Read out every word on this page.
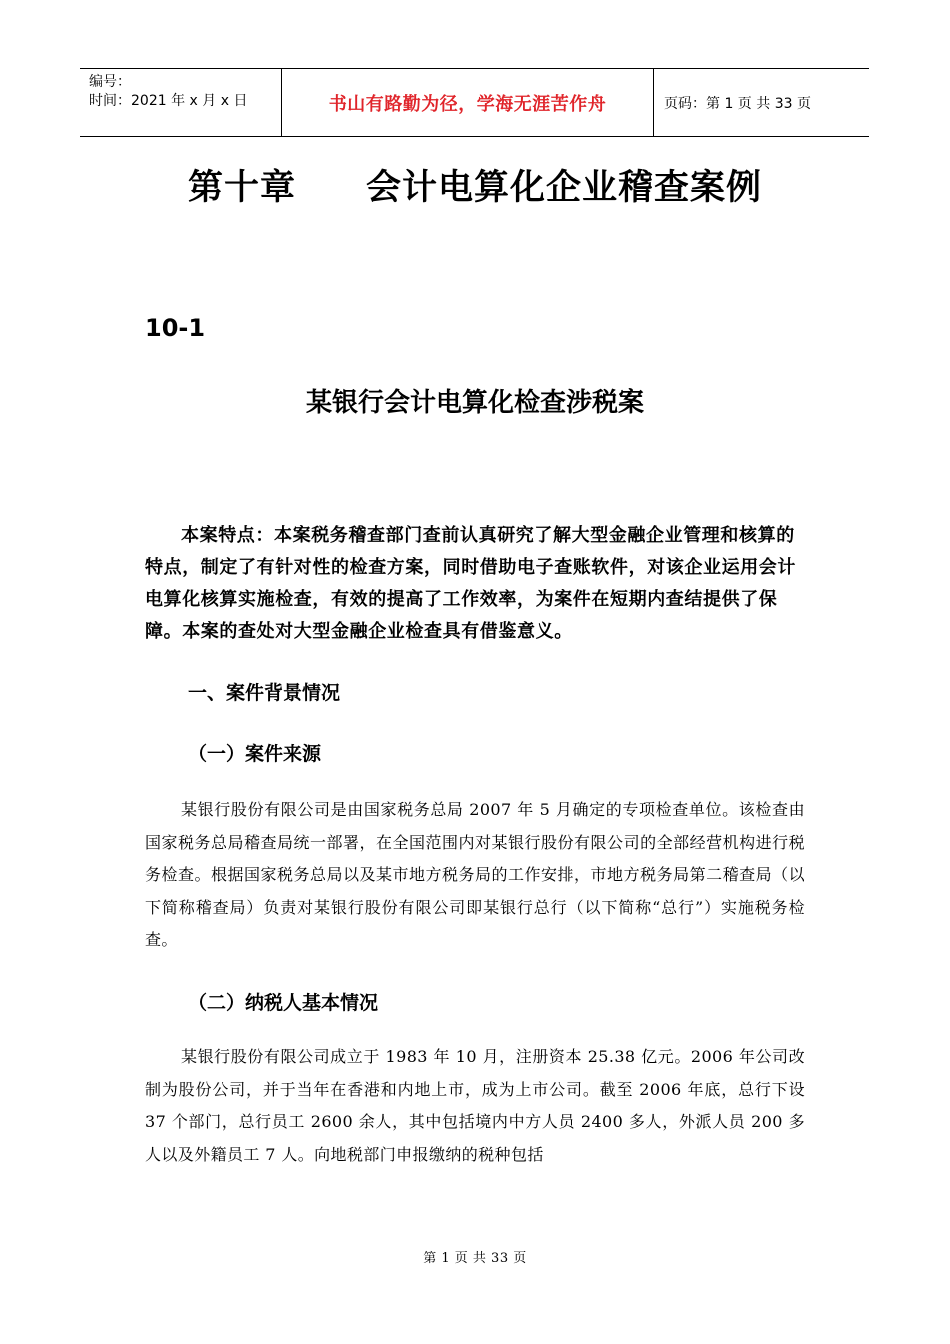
编号：
时间：2021 年 x 月 x 日	书山有路勤为径，学海无涯苦作舟	页码：第 1 页 共 33 页
第十章 会计电算化企业稽查案例
10-1
某银行会计电算化检查涉税案
本案特点：本案税务稽查部门查前认真研究了解大型金融企业管理和核算的特点，制定了有针对性的检查方案，同时借助电子查账软件，对该企业运用会计电算化核算实施检查，有效的提高了工作效率，为案件在短期内查结提供了保障。本案的查处对大型金融企业检查具有借鉴意义。
一、案件背景情况
（一）案件来源
某银行股份有限公司是由国家税务总局 2007 年 5 月确定的专项检查单位。该检查由国家税务总局稽查局统一部署，在全国范围内对某银行股份有限公司的全部经营机构进行税务检查。根据国家税务总局以及某市地方税务局的工作安排，市地方税务局第二稽查局（以下简称稽查局）负责对某银行股份有限公司即某银行总行（以下简称“总行”）实施税务检查。
（二）纳税人基本情况
某银行股份有限公司成立于 1983 年 10 月，注册资本 25.38 亿元。2006 年公司改制为股份公司，并于当年在香港和内地上市，成为上市公司。截至 2006 年底，总行下设 37 个部门，总行员工 2600 余人，其中包括境内中方人员 2400 多人，外派人员 200 多人以及外籍员工 7 人。向地税部门申报缴纳的税种包括
第 1 页 共 33 页
